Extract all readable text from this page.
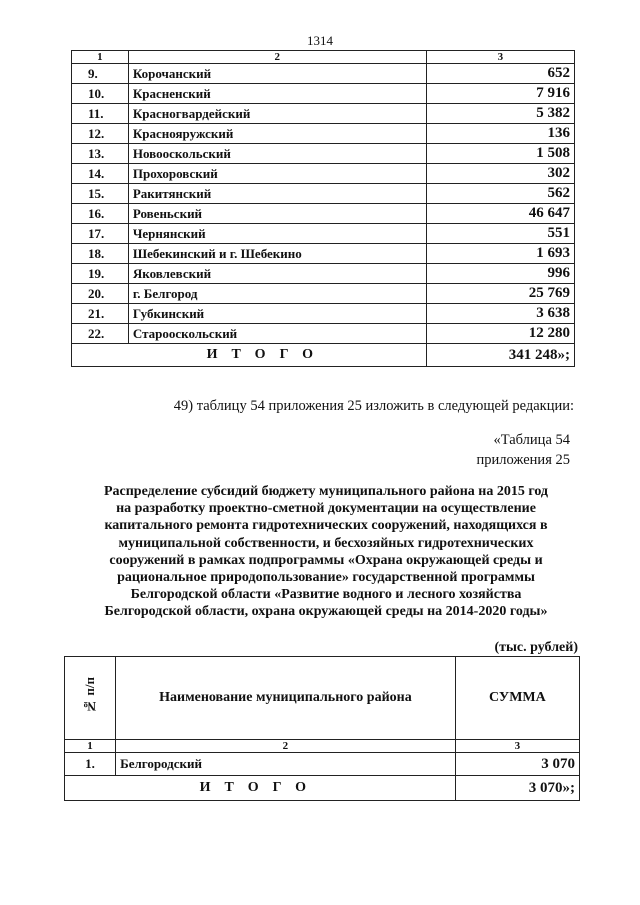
1314
1	2	3
9.	Корочанский	652
10.	Красненский	7 916
11.	Красногвардейский	5 382
12.	Краснояружский	136
13.	Новооскольский	1 508
14.	Прохоровский	302
15.	Ракитянский	562
16.	Ровеньский	46 647
17.	Чернянский	551
18.	Шебекинский и г. Шебекино	1 693
19.	Яковлевский	996
20.	г. Белгород	25 769
21.	Губкинский	3 638
22.	Старооскольский	12 280
ИТОГО		341 248»;
49) таблицу 54 приложения 25 изложить в следующей редакции:
«Таблица 54
приложения 25
Распределение субсидий бюджету муниципального района на 2015 год
на разработку проектно-сметной документации на осуществление
капитального ремонта гидротехнических сооружений, находящихся в
муниципальной собственности, и бесхозяйных гидротехнических
сооружений в рамках подпрограммы «Охрана окружающей среды и
рациональное природопользование» государственной программы
Белгородской области «Развитие водного и лесного хозяйства
Белгородской области, охрана окружающей среды на 2014-2020 годы»
(тыс. рублей)
№ п/п	Наименование муниципального района	СУММА
1	2	3
1.	Белгородский	3 070
ИТОГО		3 070»;
